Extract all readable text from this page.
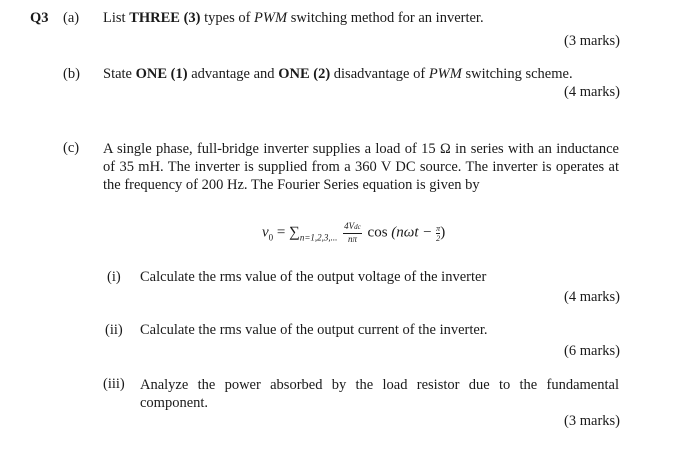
Q3 (a) List THREE (3) types of PWM switching method for an inverter.
(3 marks)
(b) State ONE (1) advantage and ONE (2) disadvantage of PWM switching scheme.
(4 marks)
(c) A single phase, full-bridge inverter supplies a load of 15 Ω in series with an inductance of 35 mH. The inverter is supplied from a 360 V DC source. The inverter is operates at the frequency of 200 Hz. The Fourier Series equation is given by
$v_0 = \sum_{n=1,2,3,...} \frac{\text{4Vdc}}{n\pi}$ $\cos (n\omega t - \frac{\pi}{2})$
(i) Calculate the rms value of the output voltage of the inverter
(4 marks)
(ii) Calculate the rms value of the output current of the inverter.
(6 marks)
(iii) Analyze the power absorbed by the load resistor due to the fundamental component.
(3 marks)
